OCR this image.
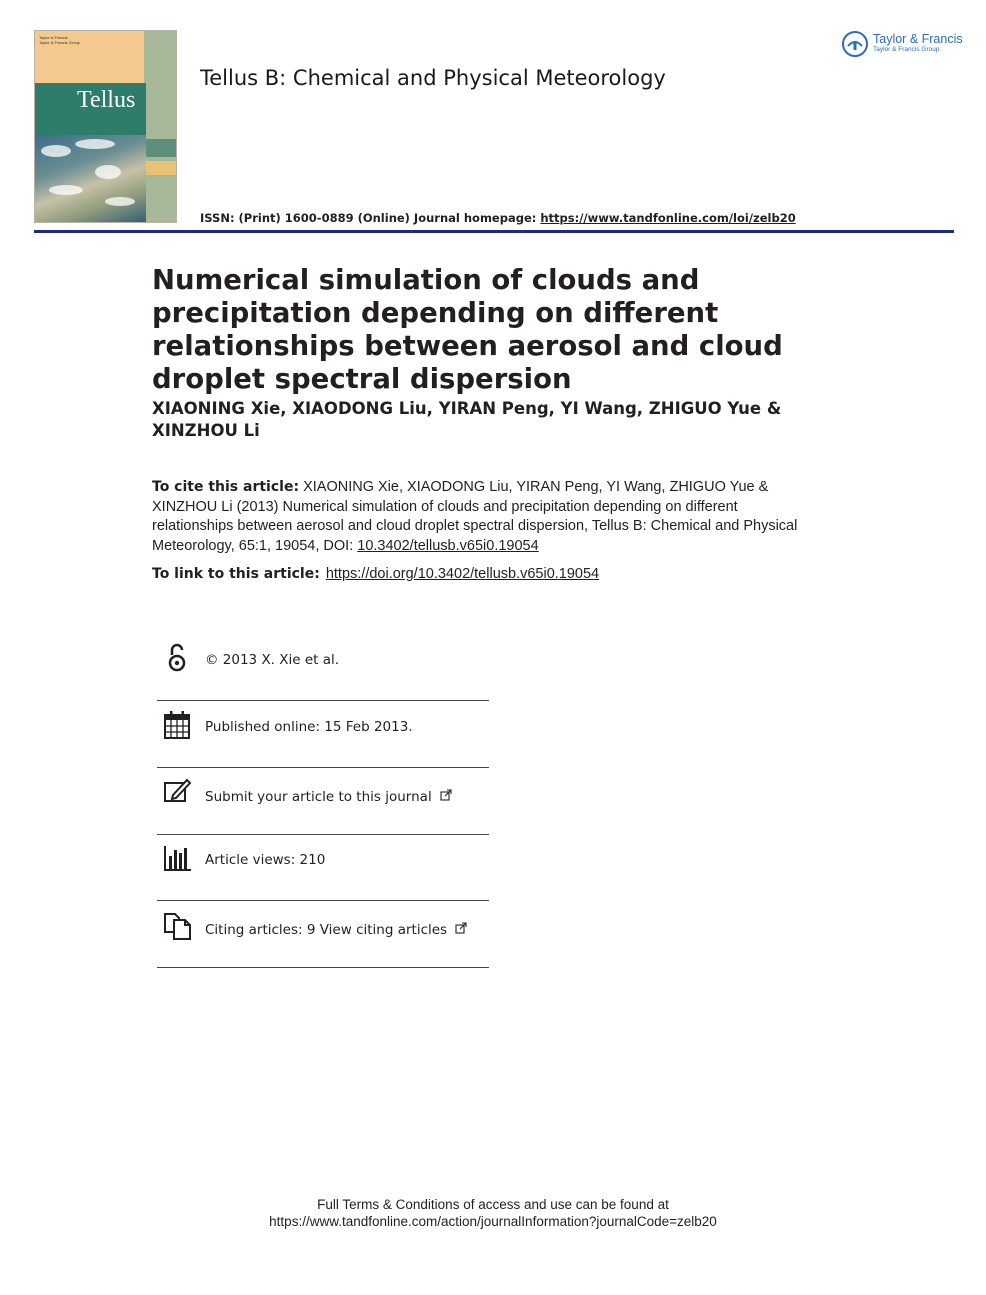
Taylor & Francis
Taylor & Francis Group
Tellus
Tellus B: Chemical and Physical Meteorology
ISSN: (Print) 1600-0889 (Online) Journal homepage: https://www.tandfonline.com/loi/zelb20
Taylor & Francis
Taylor & Francis Group
Numerical simulation of clouds and precipitation depending on different relationships between aerosol and cloud droplet spectral dispersion
XIAONING Xie, XIAODONG Liu, YIRAN Peng, YI Wang, ZHIGUO Yue & XINZHOU Li
To cite this article: XIAONING Xie, XIAODONG Liu, YIRAN Peng, YI Wang, ZHIGUO Yue & XINZHOU Li (2013) Numerical simulation of clouds and precipitation depending on different relationships between aerosol and cloud droplet spectral dispersion, Tellus B: Chemical and Physical Meteorology, 65:1, 19054, DOI: 10.3402/tellusb.v65i0.19054
To link to this article: https://doi.org/10.3402/tellusb.v65i0.19054
© 2013 X. Xie et al.
Published online: 15 Feb 2013.
Submit your article to this journal
Article views: 210
Citing articles: 9 View citing articles
Full Terms & Conditions of access and use can be found at
https://www.tandfonline.com/action/journalInformation?journalCode=zelb20
